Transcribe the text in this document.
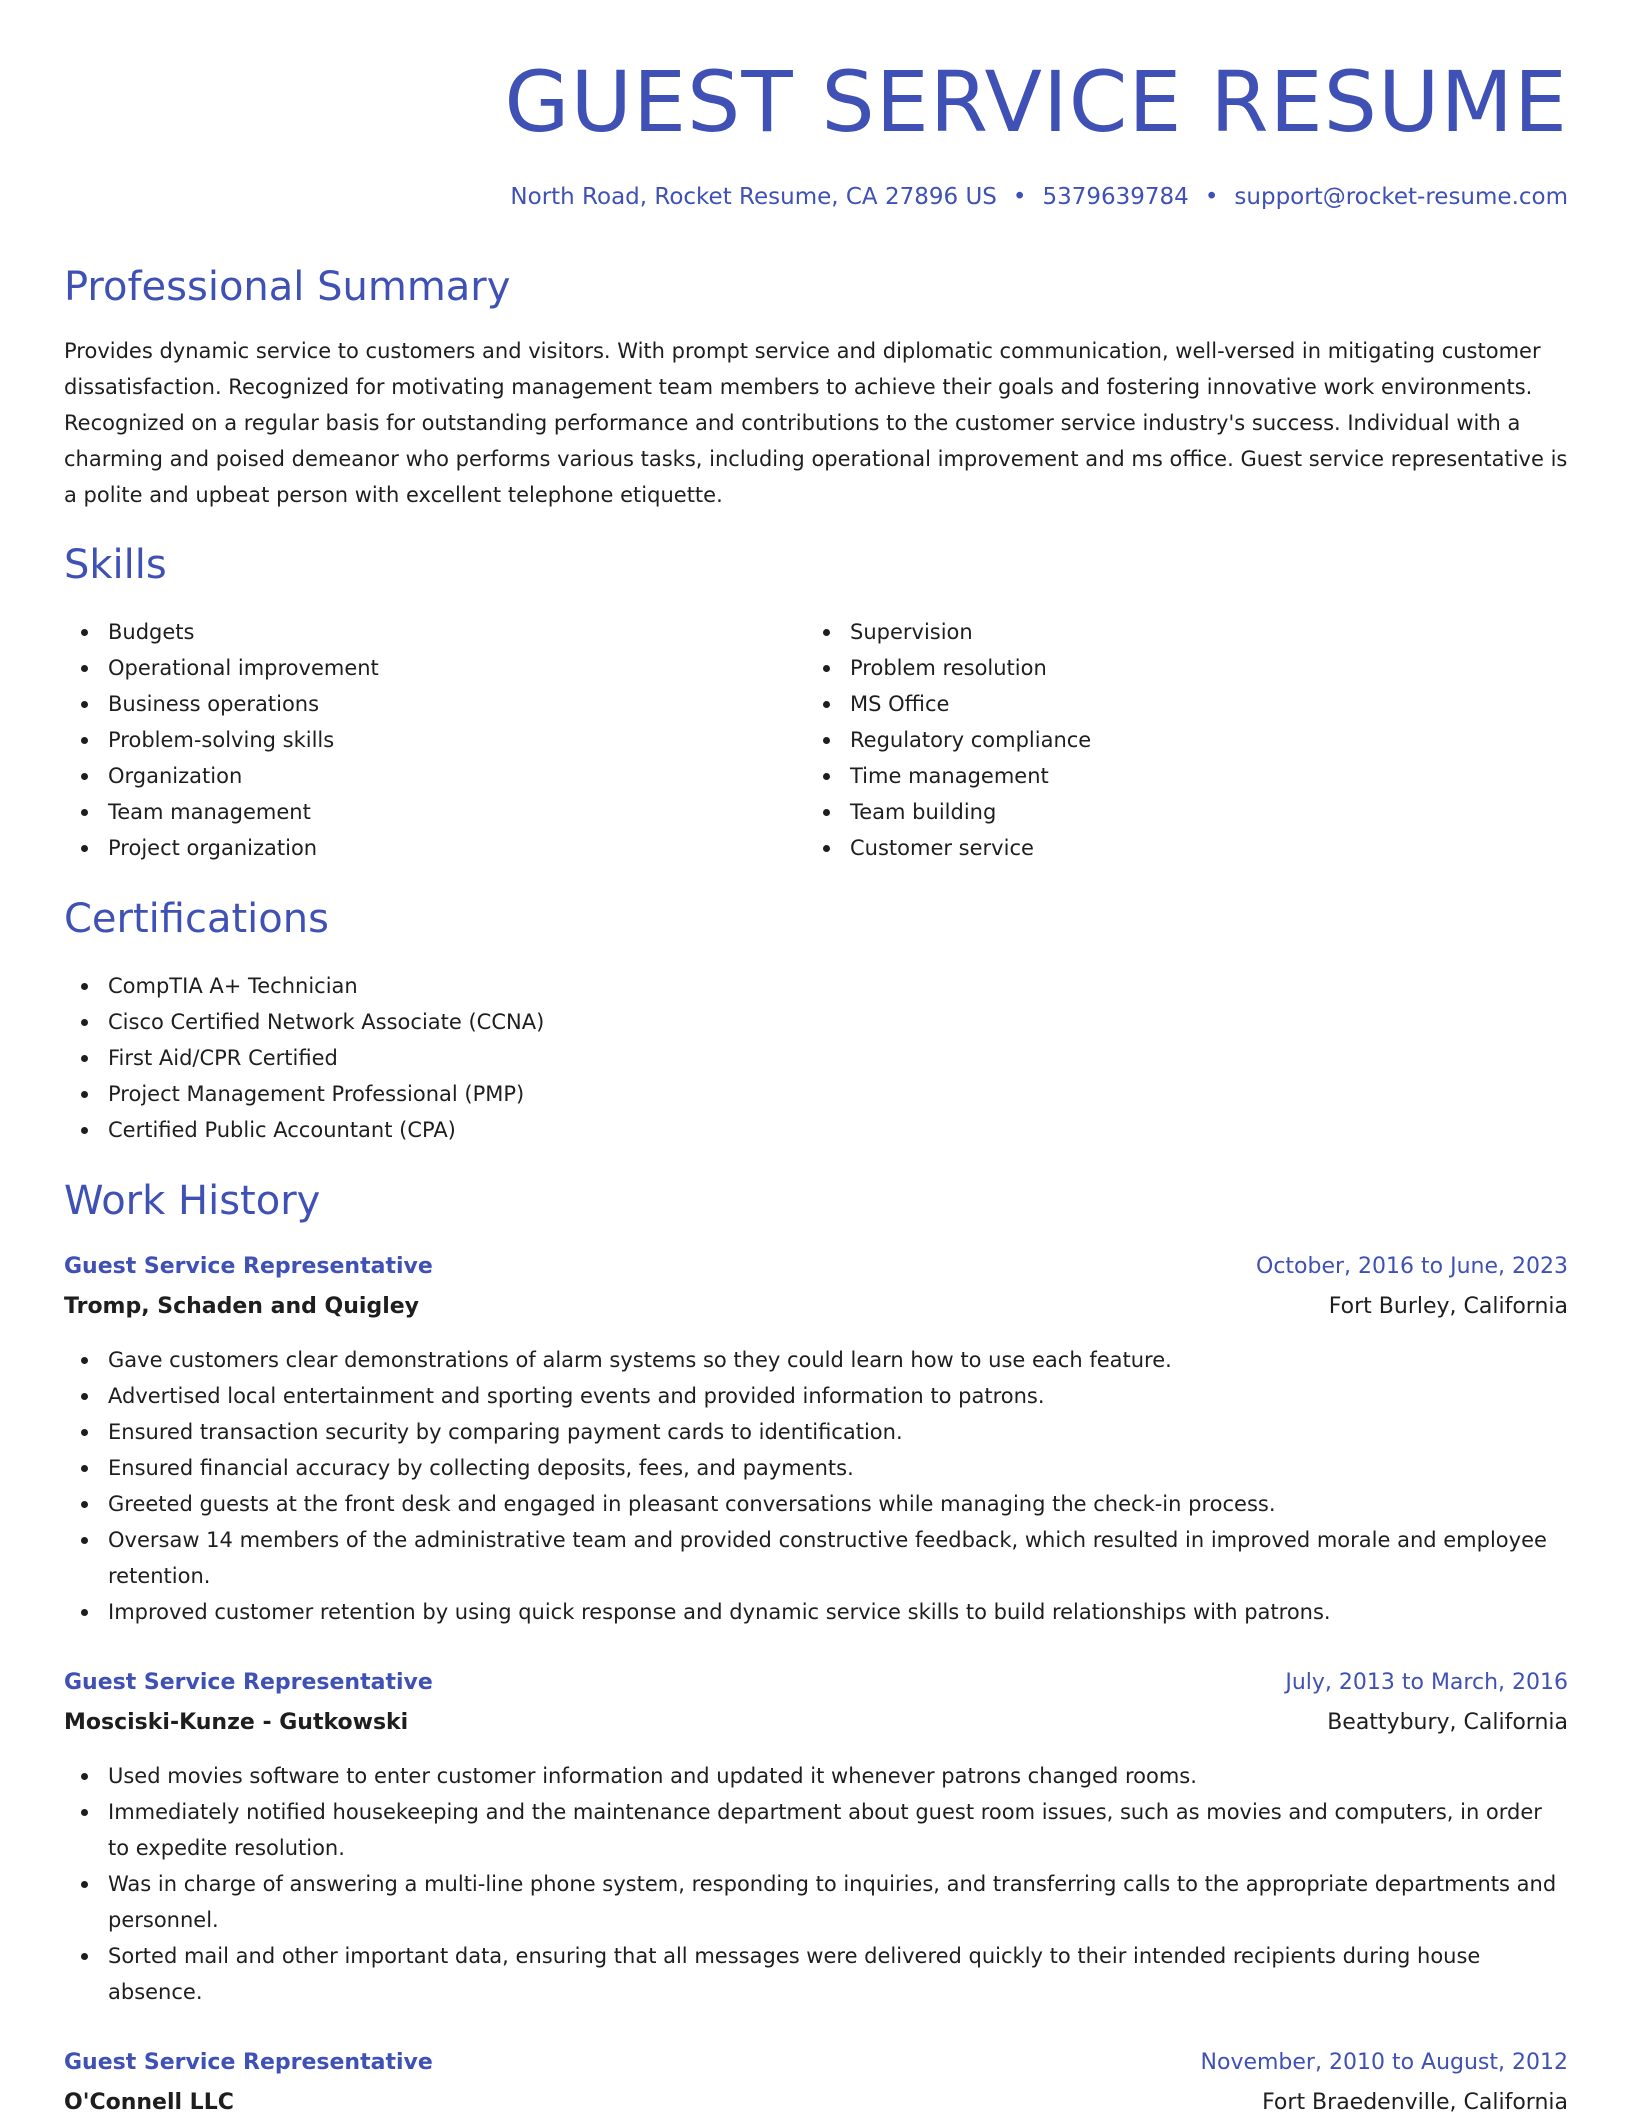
GUEST SERVICE RESUME
North Road, Rocket Resume, CA 27896 US • 5379639784 • support@rocket-resume.com
Professional Summary

Provides dynamic service to customers and visitors. With prompt service and diplomatic communication, well-versed in mitigating customer dissatisfaction. Recognized for motivating management team members to achieve their goals and fostering innovative work environments. Recognized on a regular basis for outstanding performance and contributions to the customer service industry's success. Individual with a charming and poised demeanor who performs various tasks, including operational improvement and ms office. Guest service representative is a polite and upbeat person with excellent telephone etiquette.

Skills
Budgets
Operational improvement
Business operations
Problem-solving skills
Organization
Team management
Project organization
Supervision
Problem resolution
MS Office
Regulatory compliance
Time management
Team building
Customer service
Certifications
CompTIA A+ Technician
Cisco Certified Network Associate (CCNA)
First Aid/CPR Certified
Project Management Professional (PMP)
Certified Public Accountant (CPA)
Work History
Guest Service Representative	October, 2016 to June, 2023
Tromp, Schaden and Quigley	Fort Burley, California
Gave customers clear demonstrations of alarm systems so they could learn how to use each feature.
Advertised local entertainment and sporting events and provided information to patrons.
Ensured transaction security by comparing payment cards to identification.
Ensured financial accuracy by collecting deposits, fees, and payments.
Greeted guests at the front desk and engaged in pleasant conversations while managing the check-in process.
Oversaw 14 members of the administrative team and provided constructive feedback, which resulted in improved morale and employee retention.
Improved customer retention by using quick response and dynamic service skills to build relationships with patrons.
Guest Service Representative	July, 2013 to March, 2016
Mosciski-Kunze - Gutkowski	Beattybury, California
Used movies software to enter customer information and updated it whenever patrons changed rooms.
Immediately notified housekeeping and the maintenance department about guest room issues, such as movies and computers, in order to expedite resolution.
Was in charge of answering a multi-line phone system, responding to inquiries, and transferring calls to the appropriate departments and personnel.
Sorted mail and other important data, ensuring that all messages were delivered quickly to their intended recipients during house absence.
Guest Service Representative	November, 2010 to August, 2012
O'Connell LLC	Fort Braedenville, California
